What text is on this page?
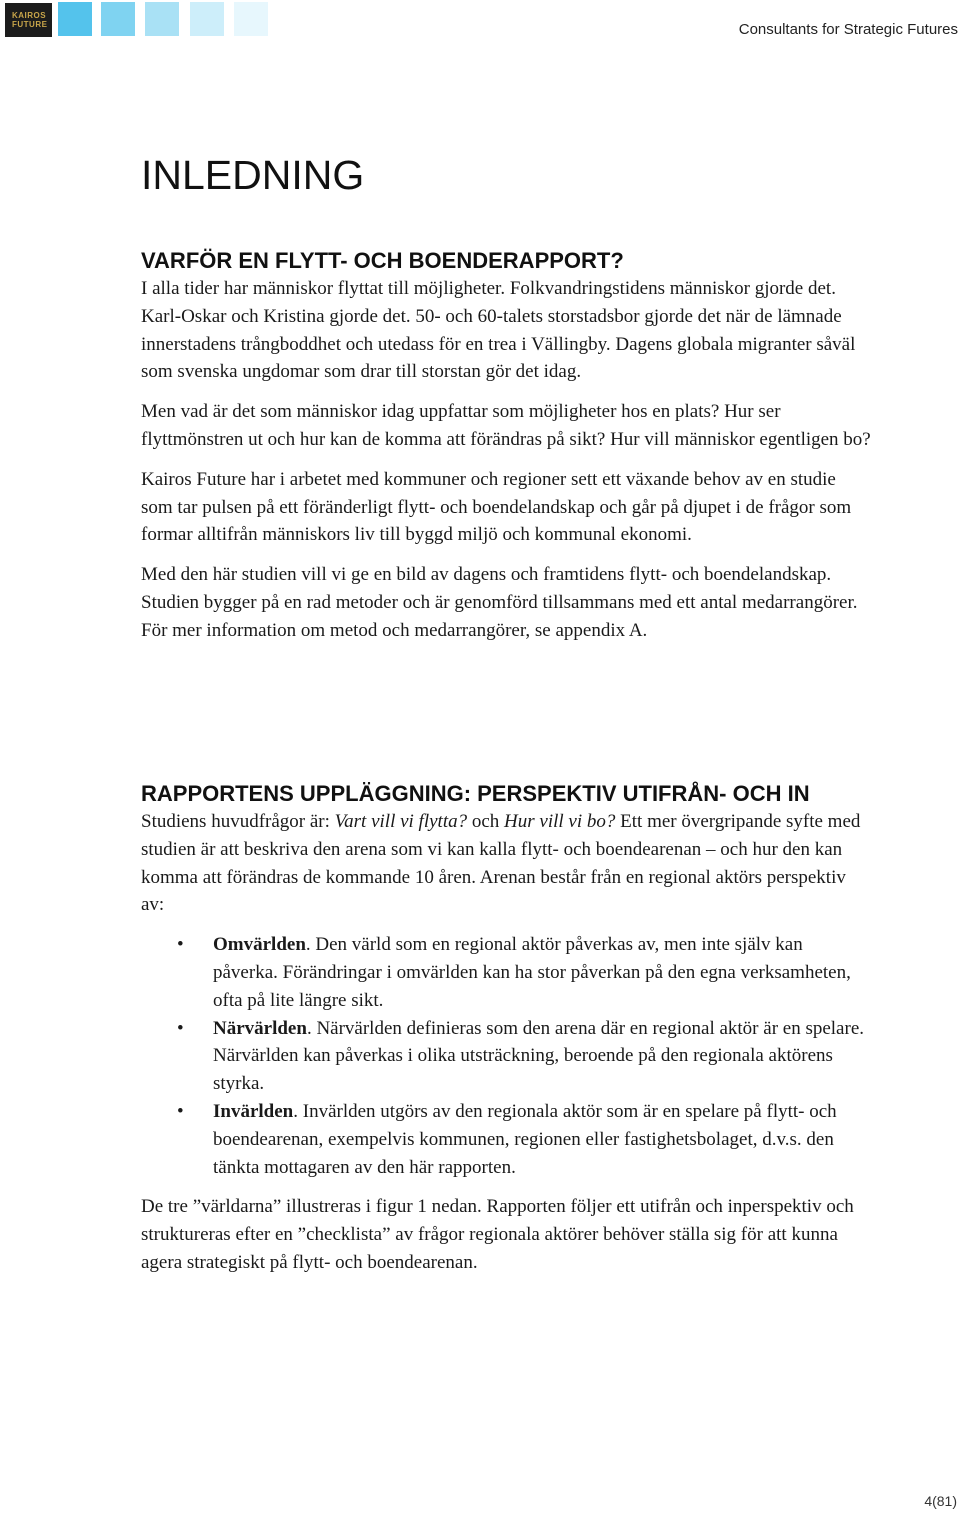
KAIROS
FUTURE	Consultants for Strategic Futures
INLEDNING
VARFÖR EN FLYTT- OCH BOENDERAPPORT?

I alla tider har människor flyttat till möjligheter. Folkvandringstidens människor gjorde det. Karl-Oskar och Kristina gjorde det. 50- och 60-talets storstadsbor gjorde det när de lämnade innerstadens trångboddhet och utedass för en trea i Vällingby. Dagens globala migranter såväl som svenska ungdomar som drar till storstan gör det idag.

Men vad är det som människor idag uppfattar som möjligheter hos en plats? Hur ser flyttmönstren ut och hur kan de komma att förändras på sikt? Hur vill människor egentligen bo?

Kairos Future har i arbetet med kommuner och regioner sett ett växande behov av en studie som tar pulsen på ett föränderligt flytt- och boendelandskap och går på djupet i de frågor som formar alltifrån människors liv till byggd miljö och kommunal ekonomi.

Med den här studien vill vi ge en bild av dagens och framtidens flytt- och boendelandskap. Studien bygger på en rad metoder och är genomförd tillsammans med ett antal medarrangörer. För mer information om metod och medarrangörer, se appendix A.

RAPPORTENS UPPLÄGGNING: PERSPEKTIV UTIFRÅN- OCH IN

Studiens huvudfrågor är: Vart vill vi flytta? och Hur vill vi bo? Ett mer övergripande syfte med studien är att beskriva den arena som vi kan kalla flytt- och boendearenan – och hur den kan komma att förändras de kommande 10 åren. Arenan består från en regional aktörs perspektiv av:

• Omvärlden. Den värld som en regional aktör påverkas av, men inte själv kan påverka. Förändringar i omvärlden kan ha stor påverkan på den egna verksamheten, ofta på lite längre sikt.
• Närvärlden. Närvärlden definieras som den arena där en regional aktör är en spelare. Närvärlden kan påverkas i olika utsträckning, beroende på den regionala aktörens styrka.
• Invärlden. Invärlden utgörs av den regionala aktör som är en spelare på flytt- och boendearenan, exempelvis kommunen, regionen eller fastighetsbolaget, d.v.s. den tänkta mottagaren av den här rapporten.

De tre ”världarna” illustreras i figur 1 nedan. Rapporten följer ett utifrån och inperspektiv och struktureras efter en ”checklista” av frågor regionala aktörer behöver ställa sig för att kunna agera strategiskt på flytt- och boendearenan.

4(81)
